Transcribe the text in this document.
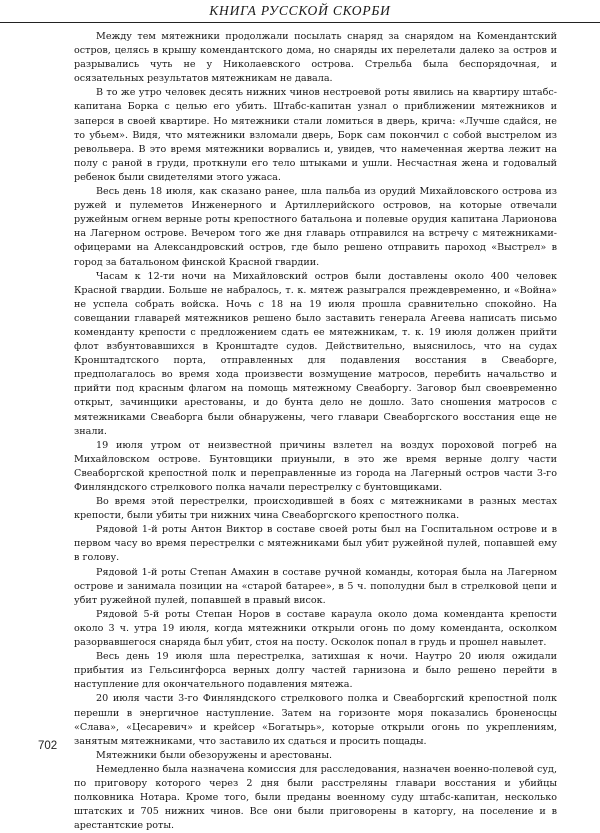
КНИГА РУССКОЙ СКОРБИ

Между тем мятежники продолжали посылать снаряд за снарядом на Комендантский остров, целясь в крышу комендантского дома, но снаряды их перелетали далеко за остров и разрывались чуть не у Николаевского острова. Стрельба была беспорядочная, и осязательных результатов мятежникам не давала.

В то же утро человек десять нижних чинов нестроевой роты явились на квартиру штабс-капитана Борка с целью его убить. Штабс-капитан узнал о приближении мятежников и заперся в своей квартире. Но мятежники стали ломиться в дверь, крича: «Лучше сдайся, не то убьем». Видя, что мятежники взломали дверь, Борк сам покончил с собой выстрелом из револьвера. В это время мятежники ворвались и, увидев, что намеченная жертва лежит на полу с раной в груди, проткнули его тело штыками и ушли. Несчастная жена и годовалый ребенок были свидетелями этого ужаса.

Весь день 18 июля, как сказано ранее, шла пальба из орудий Михайловского острова из ружей и пулеметов Инженерного и Артиллерийского островов, на которые отвечали ружейным огнем верные роты крепостного батальона и полевые орудия капитана Ларионова на Лагерном острове. Вечером того же дня главарь отправился на встречу с мятежниками-офицерами на Александровский остров, где было решено отправить пароход «Выстрел» в город за батальоном финской Красной гвардии.

Часам к 12-ти ночи на Михайловский остров были доставлены около 400 человек Красной гвардии. Больше не набралось, т. к. мятеж разыгрался преждевременно, и «Война» не успела собрать войска. Ночь с 18 на 19 июля прошла сравнительно спокойно. На совещании главарей мятежников решено было заставить генерала Агеева написать письмо коменданту крепости с предложением сдать ее мятежникам, т. к. 19 июля должен прийти флот взбунтовавшихся в Кронштадте судов. Действительно, выяснилось, что на судах Кронштадтского порта, отправленных для подавления восстания в Свеаборге, предполагалось во время хода произвести возмущение матросов, перебить начальство и прийти под красным флагом на помощь мятежному Свеаборгу. Заговор был своевременно открыт, зачинщики арестованы, и до бунта дело не дошло. Зато сношения матросов с мятежниками Свеаборга были обнаружены, чего главари Свеаборгского восстания еще не знали.

19 июля утром от неизвестной причины взлетел на воздух пороховой погреб на Михайловском острове. Бунтовщики приуныли, в это же время верные долгу части Свеаборгской крепостной полк и переправленные из города на Лагерный остров части 3-го Финляндского стрелкового полка начали перестрелку с бунтовщиками.

Во время этой перестрелки, происходившей в боях с мятежниками в разных местах крепости, были убиты три нижних чина Свеаборгского крепостного полка.

Рядовой 1-й роты Антон Виктор в составе своей роты был на Госпитальном острове и в первом часу во время перестрелки с мятежниками был убит ружейной пулей, попавшей ему в голову.

Рядовой 1-й роты Степан Амахин в составе ручной команды, которая была на Лагерном острове и занимала позиции на «старой батарее», в 5 ч. пополудни был в стрелковой цепи и убит ружейной пулей, попавшей в правый висок.

Рядовой 5-й роты Степан Норов в составе караула около дома коменданта крепости около 3 ч. утра 19 июля, когда мятежники открыли огонь по дому коменданта, осколком разорвавшегося снаряда был убит, стоя на посту. Осколок попал в грудь и прошел навылет.

Весь день 19 июля шла перестрелка, затихшая к ночи. Наутро 20 июля ожидали прибытия из Гельсингфорса верных долгу частей гарнизона и было решено перейти в наступление для окончательного подавления мятежа.

20 июля части 3-го Финляндского стрелкового полка и Свеаборгский крепостной полк перешли в энергичное наступление. Затем на горизонте моря показались броненосцы «Слава», «Цесаревич» и крейсер «Богатырь», которые открыли огонь по укреплениям, занятым мятежниками, что заставило их сдаться и просить пощады.

Мятежники были обезоружены и арестованы.

Немедленно была назначена комиссия для расследования, назначен военно-полевой суд, по приговору которого через 2 дня были расстреляны главари восстания и убийцы полковника Нотара. Кроме того, были преданы военному суду штабс-капитан, несколько штатских и 705 нижних чинов. Все они были приговорены в каторгу, на поселение и в арестантские роты.

702
